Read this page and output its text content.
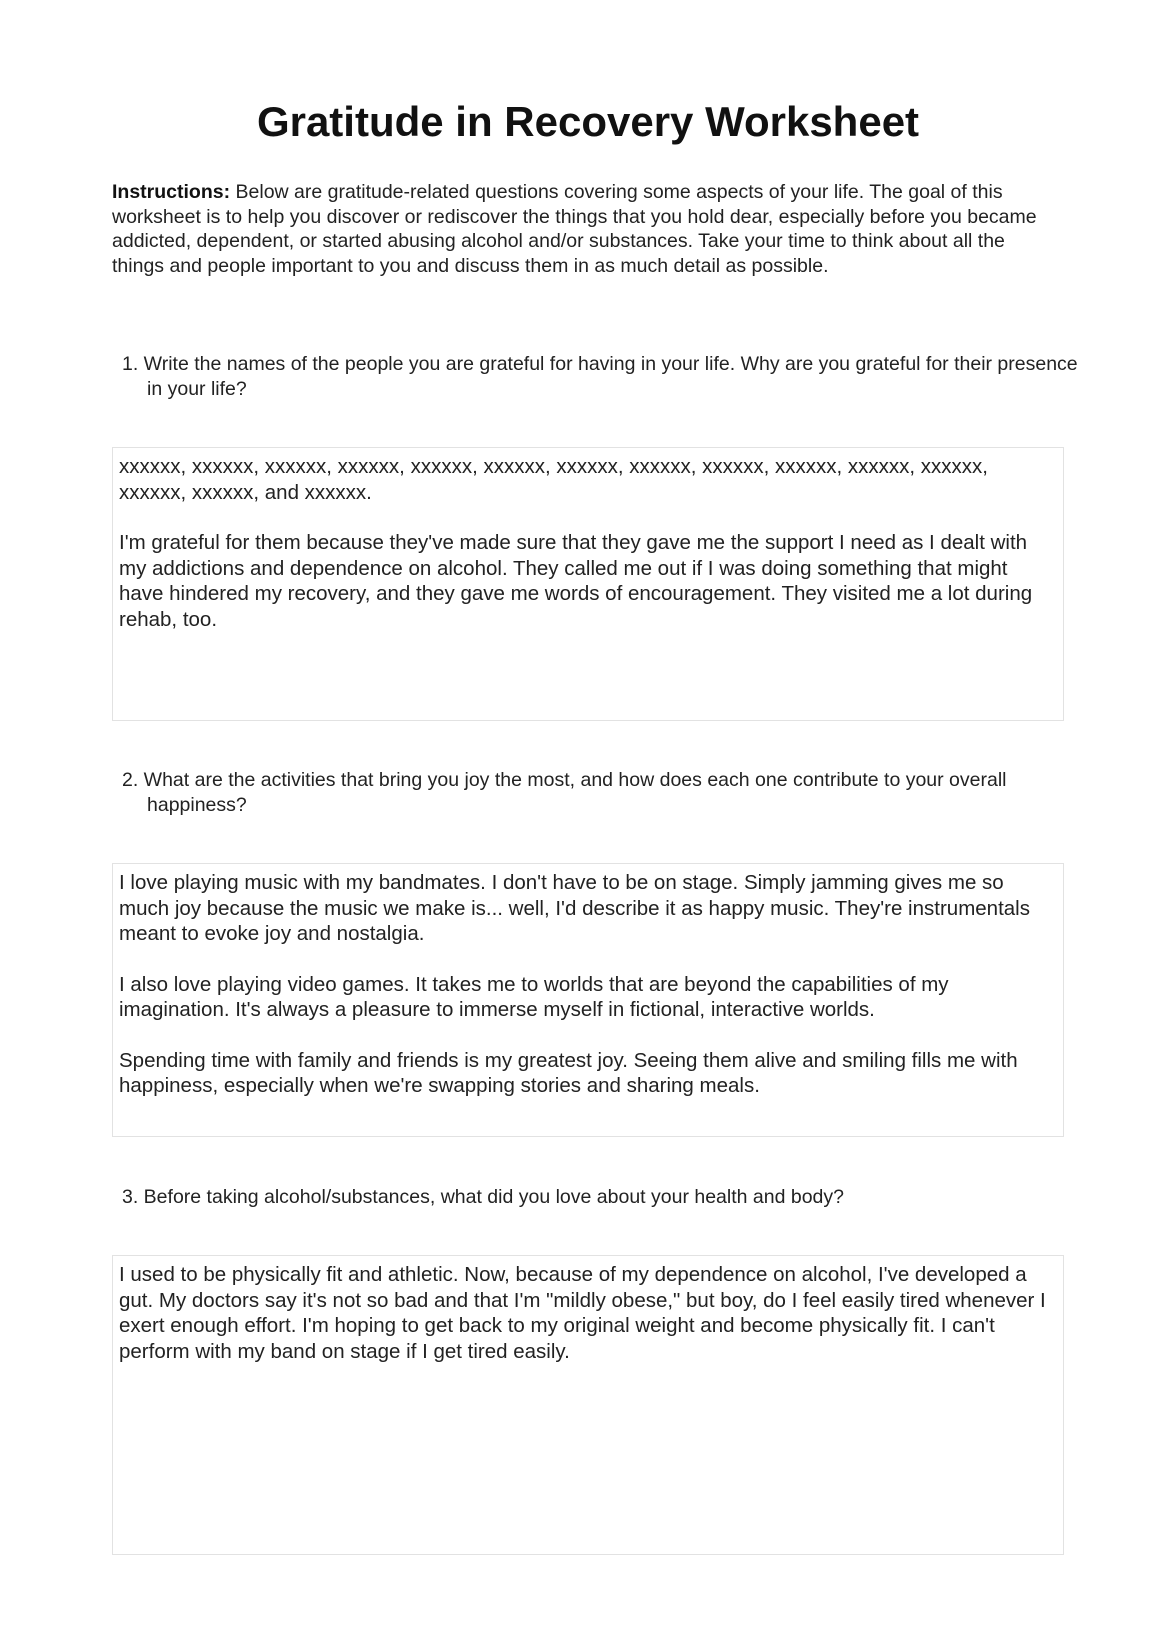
Gratitude in Recovery Worksheet

Instructions: Below are gratitude-related questions covering some aspects of your life. The goal of this worksheet is to help you discover or rediscover the things that you hold dear, especially before you became addicted, dependent, or started abusing alcohol and/or substances. Take your time to think about all the things and people important to you and discuss them in as much detail as possible.

1. Write the names of the people you are grateful for having in your life. Why are you grateful for their presence in your life?

xxxxxx, xxxxxx, xxxxxx, xxxxxx, xxxxxx, xxxxxx, xxxxxx, xxxxxx, xxxxxx, xxxxxx, xxxxxx, xxxxxx, xxxxxx, xxxxxx, and xxxxxx.

I'm grateful for them because they've made sure that they gave me the support I need as I dealt with my addictions and dependence on alcohol. They called me out if I was doing something that might have hindered my recovery, and they gave me words of encouragement. They visited me a lot during rehab, too.

2. What are the activities that bring you joy the most, and how does each one contribute to your overall happiness?

I love playing music with my bandmates. I don't have to be on stage. Simply jamming gives me so much joy because the music we make is... well, I'd describe it as happy music. They're instrumentals meant to evoke joy and nostalgia.

I also love playing video games. It takes me to worlds that are beyond the capabilities of my imagination. It's always a pleasure to immerse myself in fictional, interactive worlds.

Spending time with family and friends is my greatest joy. Seeing them alive and smiling fills me with happiness, especially when we're swapping stories and sharing meals.

3. Before taking alcohol/substances, what did you love about your health and body?

I used to be physically fit and athletic. Now, because of my dependence on alcohol, I've developed a gut. My doctors say it's not so bad and that I'm "mildly obese," but boy, do I feel easily tired whenever I exert enough effort. I'm hoping to get back to my original weight and become physically fit. I can't perform with my band on stage if I get tired easily.
